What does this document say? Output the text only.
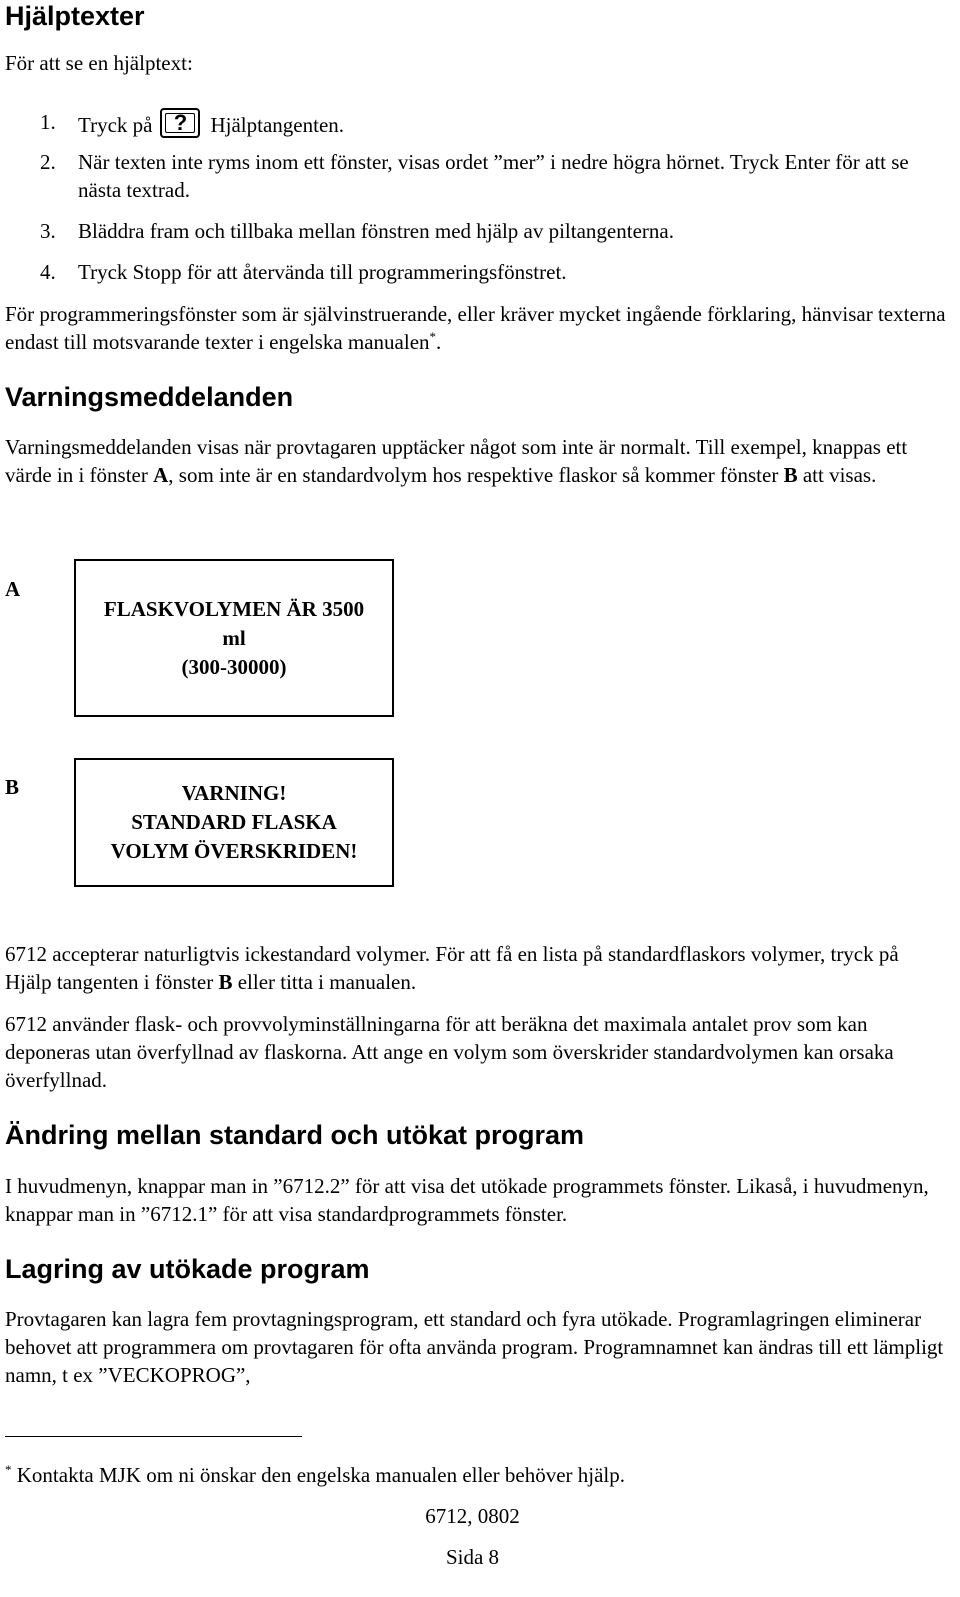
Hjälptexter

För att se en hjälptext:

1.	Tryck på ?	Hjälptangenten.
2.	När texten inte ryms inom ett fönster, visas ordet ”mer” i nedre högra hörnet. Tryck Enter för att se nästa textrad.
3.	Bläddra fram och tillbaka mellan fönstren med hjälp av piltangenterna.
4.	Tryck Stopp för att återvända till programmeringsfönstret.

För programmeringsfönster som är självinstruerande, eller kräver mycket ingående förklaring, hänvisar texterna endast till motsvarande texter i engelska manualen*.

Varningsmeddelanden

Varningsmeddelanden visas när provtagaren upptäcker något som inte är normalt. Till exempel, knappas ett värde in i fönster A, som inte är en standardvolym hos respektive flaskor så kommer fönster B att visas.

A
FLASKVOLYMEN ÄR 3500
ml
(300-30000)
B	VARNING!
STANDARD FLASKA
VOLYM ÖVERSKRIDEN!

6712 accepterar naturligtvis ickestandard volymer. För att få en lista på standardflaskors volymer, tryck på Hjälp tangenten i fönster B eller titta i manualen.

6712 använder flask- och provvolyminställningarna för att beräkna det maximala antalet prov som kan deponeras utan överfyllnad av flaskorna. Att ange en volym som överskrider standardvolymen kan orsaka överfyllnad.

Ändring mellan standard och utökat program

I huvudmenyn, knappar man in ”6712.2” för att visa det utökade programmets fönster. Likaså, i huvudmenyn, knappar man in ”6712.1” för att visa standardprogrammets fönster.

Lagring av utökade program

Provtagaren kan lagra fem provtagningsprogram, ett standard och fyra utökade. Programlagringen eliminerar behovet att programmera om provtagaren för ofta använda program. Programnamnet kan ändras till ett lämpligt namn, t ex ”VECKOPROG”,

* Kontakta MJK om ni önskar den engelska manualen eller behöver hjälp.

6712, 0802
Sida 8
